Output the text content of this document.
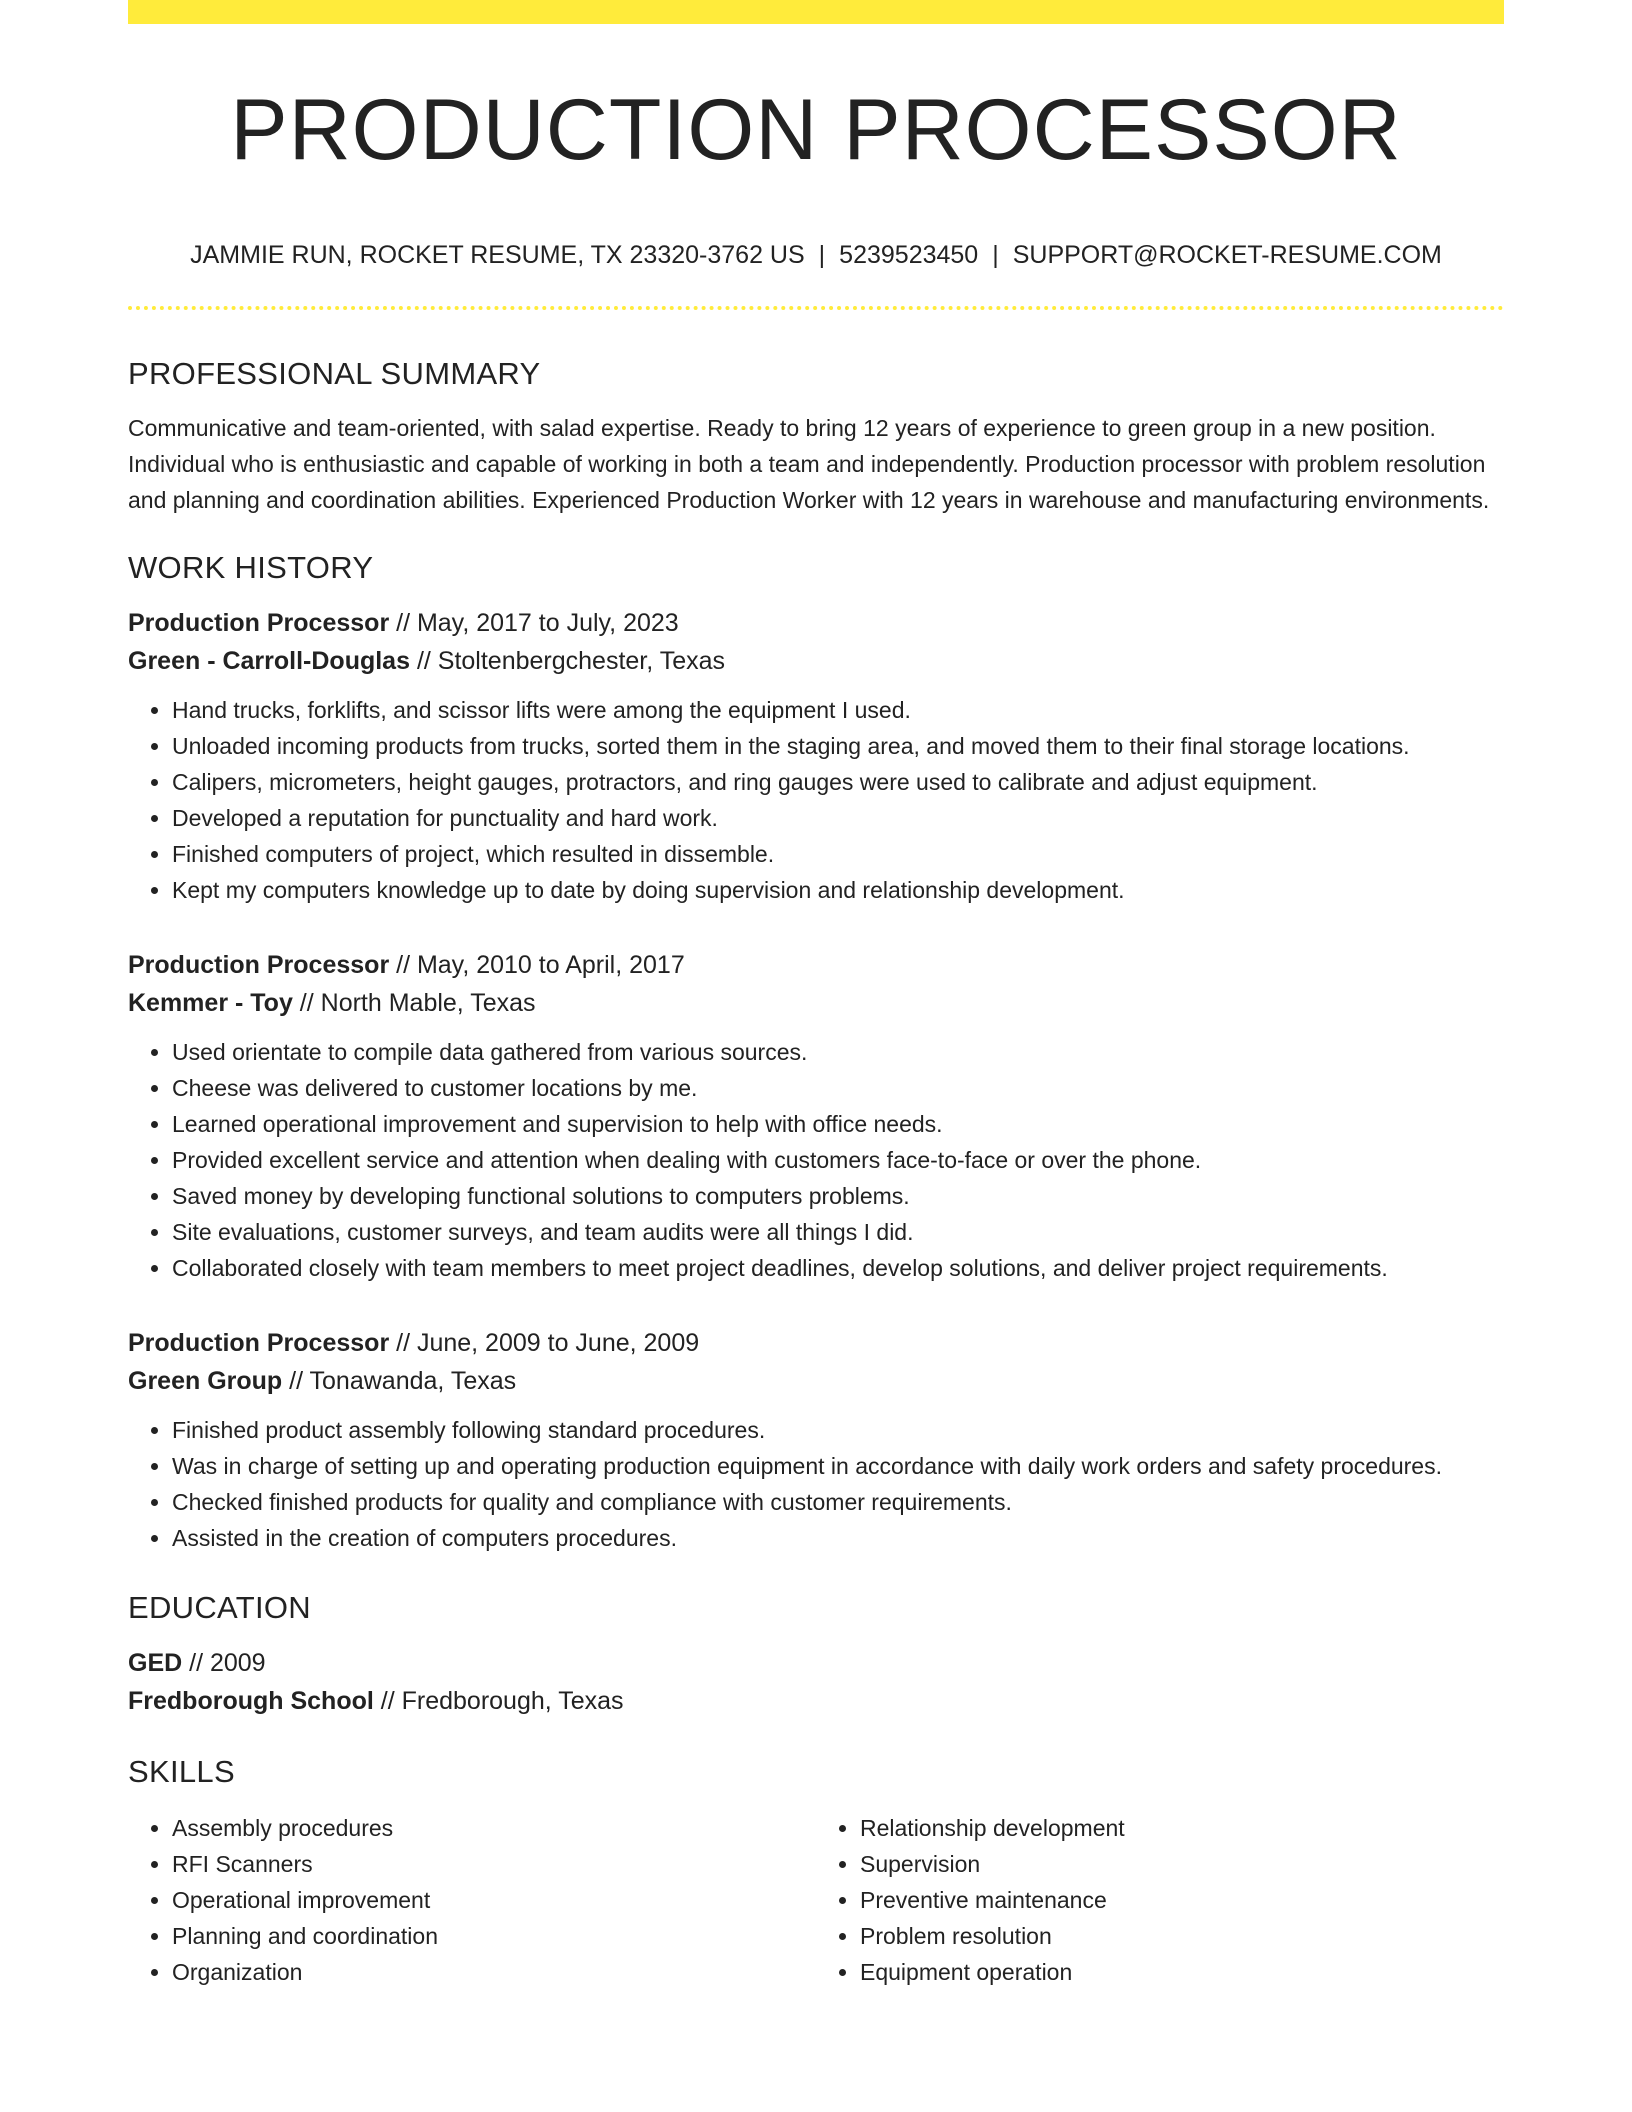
PRODUCTION PROCESSOR
JAMMIE RUN, ROCKET RESUME, TX 23320-3762 US | 5239523450 | SUPPORT@ROCKET-RESUME.COM
PROFESSIONAL SUMMARY
Communicative and team-oriented, with salad expertise. Ready to bring 12 years of experience to green group in a new position. Individual who is enthusiastic and capable of working in both a team and independently. Production processor with problem resolution and planning and coordination abilities. Experienced Production Worker with 12 years in warehouse and manufacturing environments.
WORK HISTORY
Production Processor // May, 2017 to July, 2023
Green - Carroll-Douglas // Stoltenbergchester, Texas
• Hand trucks, forklifts, and scissor lifts were among the equipment I used.
• Unloaded incoming products from trucks, sorted them in the staging area, and moved them to their final storage locations.
• Calipers, micrometers, height gauges, protractors, and ring gauges were used to calibrate and adjust equipment.
• Developed a reputation for punctuality and hard work.
• Finished computers of project, which resulted in dissemble.
• Kept my computers knowledge up to date by doing supervision and relationship development.
Production Processor // May, 2010 to April, 2017
Kemmer - Toy // North Mable, Texas
• Used orientate to compile data gathered from various sources.
• Cheese was delivered to customer locations by me.
• Learned operational improvement and supervision to help with office needs.
• Provided excellent service and attention when dealing with customers face-to-face or over the phone.
• Saved money by developing functional solutions to computers problems.
• Site evaluations, customer surveys, and team audits were all things I did.
• Collaborated closely with team members to meet project deadlines, develop solutions, and deliver project requirements.
Production Processor // June, 2009 to June, 2009
Green Group // Tonawanda, Texas
• Finished product assembly following standard procedures.
• Was in charge of setting up and operating production equipment in accordance with daily work orders and safety procedures.
• Checked finished products for quality and compliance with customer requirements.
• Assisted in the creation of computers procedures.
EDUCATION
GED // 2009
Fredborough School // Fredborough, Texas
SKILLS
• Assembly procedures
• RFI Scanners
• Operational improvement
• Planning and coordination
• Organization
• Relationship development
• Supervision
• Preventive maintenance
• Problem resolution
• Equipment operation
